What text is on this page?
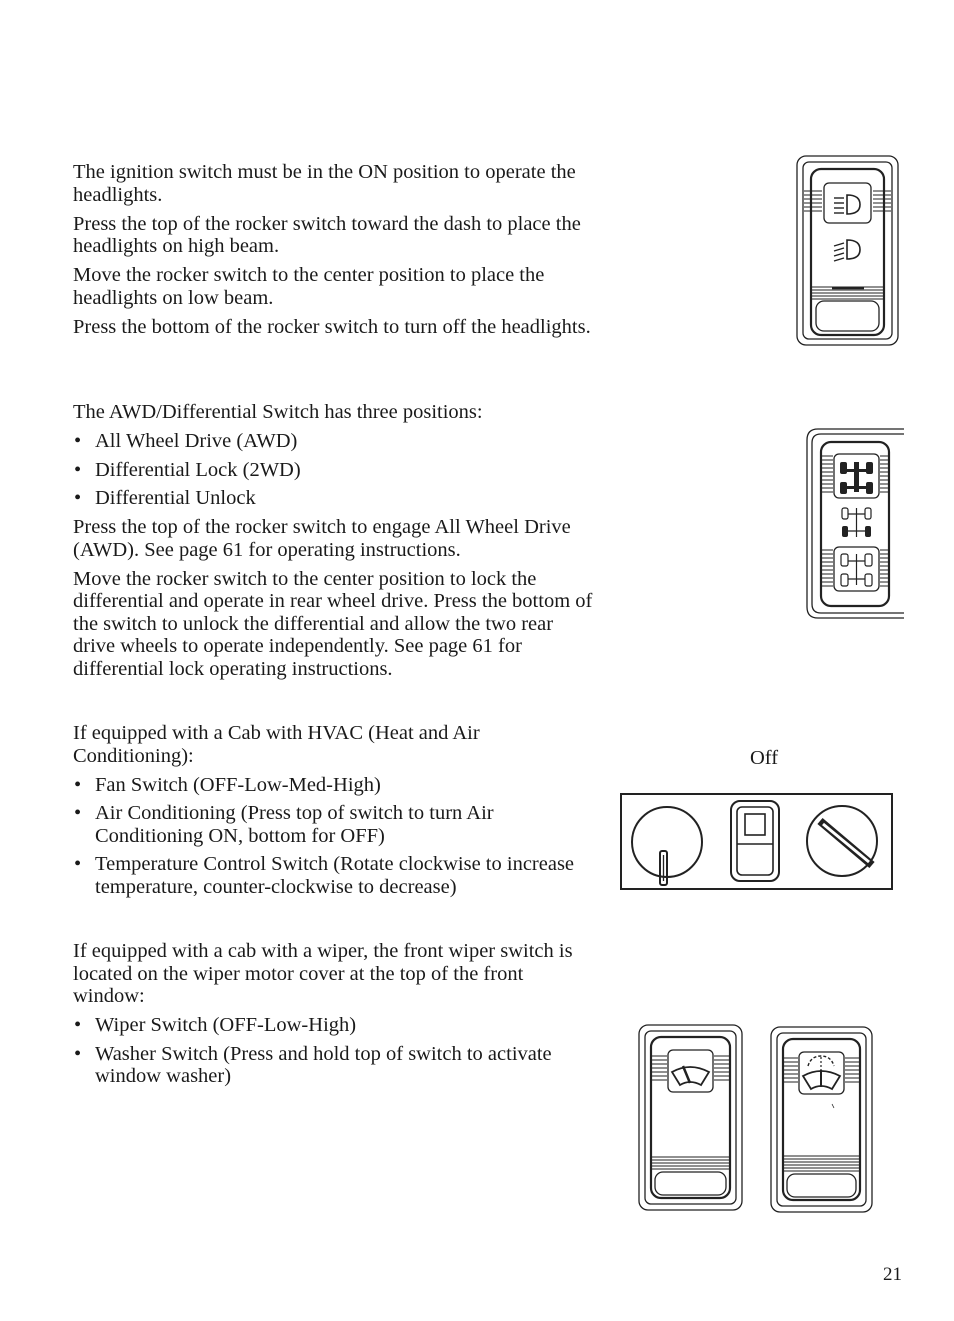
The ignition switch must be in the ON position to operate the headlights.

Press the top of the rocker switch toward the dash to place the headlights on high beam.

Move the rocker switch to the center position to place the headlights on low beam.

Press the bottom of the rocker switch to turn off the headlights.

The AWD/Differential Switch has three positions:

• All Wheel Drive (AWD)
• Differential Lock (2WD)
• Differential Unlock

Press the top of the rocker switch to engage All Wheel Drive (AWD). See page 61 for operating instructions.

Move the rocker switch to the center position to lock the differential and operate in rear wheel drive. Press the bottom of the switch to unlock the differential and allow the two rear drive wheels to operate independently. See page 61 for differential lock operating instructions.

If equipped with a Cab with HVAC (Heat and Air Conditioning):

• Fan Switch (OFF-Low-Med-High)
• Air Conditioning (Press top of switch to turn Air Conditioning ON, bottom for OFF)
• Temperature Control Switch (Rotate clockwise to increase temperature, counter-clockwise to decrease)

If equipped with a cab with a wiper, the front wiper switch is located on the wiper motor cover at the top of the front window:

• Wiper Switch (OFF-Low-High)
• Washer Switch (Press and hold top of switch to activate window washer)
Off
21
